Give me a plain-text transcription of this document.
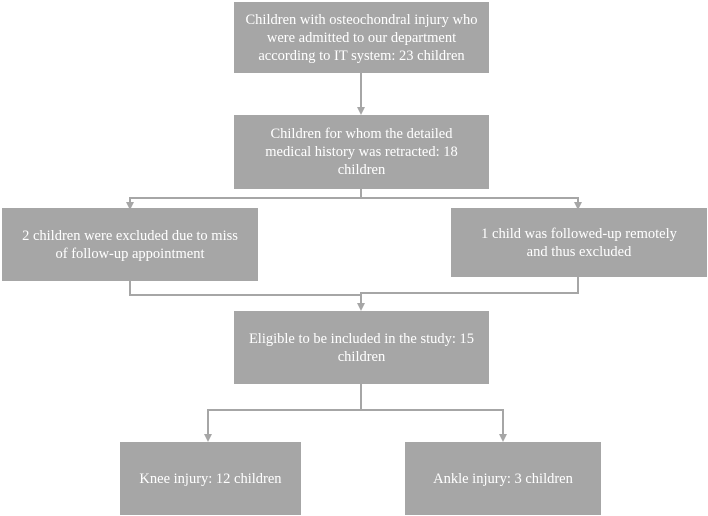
Children with osteochondral injury who were admitted to our department according to IT system: 23 children
Children for whom the detailed medical history was retracted: 18 children
2 children were excluded due to miss of follow-up appointment
1 child was followed-up remotely and thus excluded
Eligible to be included in the study: 15 children
Knee injury: 12 children	Ankle injury: 3 children
